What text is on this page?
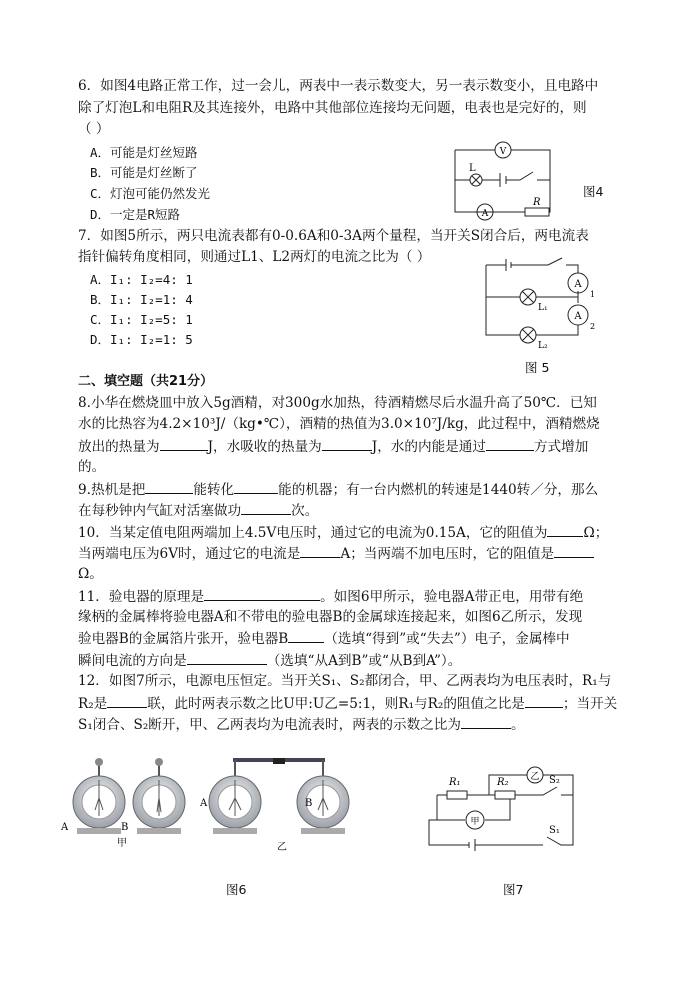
6．如图4电路正常工作，过一会儿，两表中一表示数变大，另一表示数变小，且电路中
除了灯泡L和电阻R及其连接外，电路中其他部位连接均无问题，电表也是完好的，则
（ ）
A．可能是灯丝短路
B．可能是灯丝断了
C．灯泡可能仍然发光
D．一定是R短路
V
A
L
R
图4
7．如图5所示，两只电流表都有0-0.6A和0-3A两个量程，当开关S闭合后，两电流表
指针偏转角度相同，则通过L1、L2两灯的电流之比为（ ）
A．I₁: I₂=4: 1
B．I₁: I₂=1: 4
C．I₁: I₂=5: 1
D．I₁: I₂=1: 5
A
A
1
2
L₁
L₂
图 5
二、填空题（共21分）
8.小华在燃烧皿中放入5g酒精，对300g水加热，待酒精燃尽后水温升高了50℃．已知
水的比热容为4.2×10³J/（kg•℃），酒精的热值为3.0×10⁷J/kg，此过程中，酒精燃烧
放出的热量为	J，水吸收的热量为	J，水的内能是通过	方式增加
的。
9.热机是把	能转化	能的机器；有一台内燃机的转速是1440转／分，那么
在每秒钟内气缸对活塞做功	次。
10．当某定值电阻两端加上4.5V电压时，通过它的电流为0.15A，它的阻值为	Ω；
当两端电压为6V时，通过它的电流是	A；当两端不加电压时，它的阻值是
Ω。
11．验电器的原理是	。如图6甲所示，验电器A带正电，用带有绝
缘柄的金属棒将验电器A和不带电的验电器B的金属球连接起来，如图6乙所示，发现
验电器B的金属箔片张开，验电器B	（选填“得到”或“失去”）电子，金属棒中
瞬间电流的方向是	（选填“从A到B”或“从B到A”）。
12．如图7所示，电源电压恒定。当开关S₁、S₂都闭合，甲、乙两表均为电压表时，R₁与
R₂是	联，此时两表示数之比U甲:U乙=5:1，则R₁与R₂的阻值之比是	；当开关
S₁闭合、S₂断开，甲、乙两表均为电流表时，两表的示数之比为	。
A	B
A	B
甲	乙
图6
乙
甲
R₁	R₂	S₂
S₁
图7
